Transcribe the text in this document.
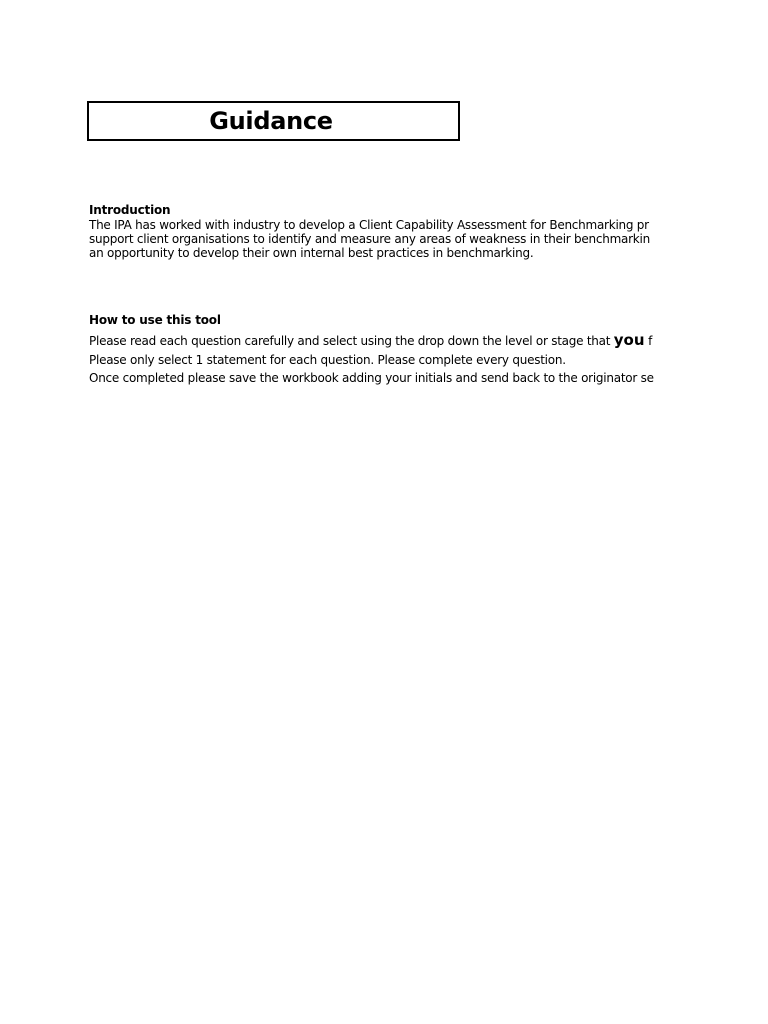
Guidance
Introduction
The IPA has worked with industry to develop a Client Capability Assessment for Benchmarking pr
support client organisations to identify and measure any areas of weakness in their benchmarkin
an opportunity to develop their own internal best practices in benchmarking.
How to use this tool
Please read each question carefully and select using the drop down the level or stage that you f
Please only select 1 statement for each question. Please complete every question.
Once completed please save the workbook adding your initials and send back to the originator se
